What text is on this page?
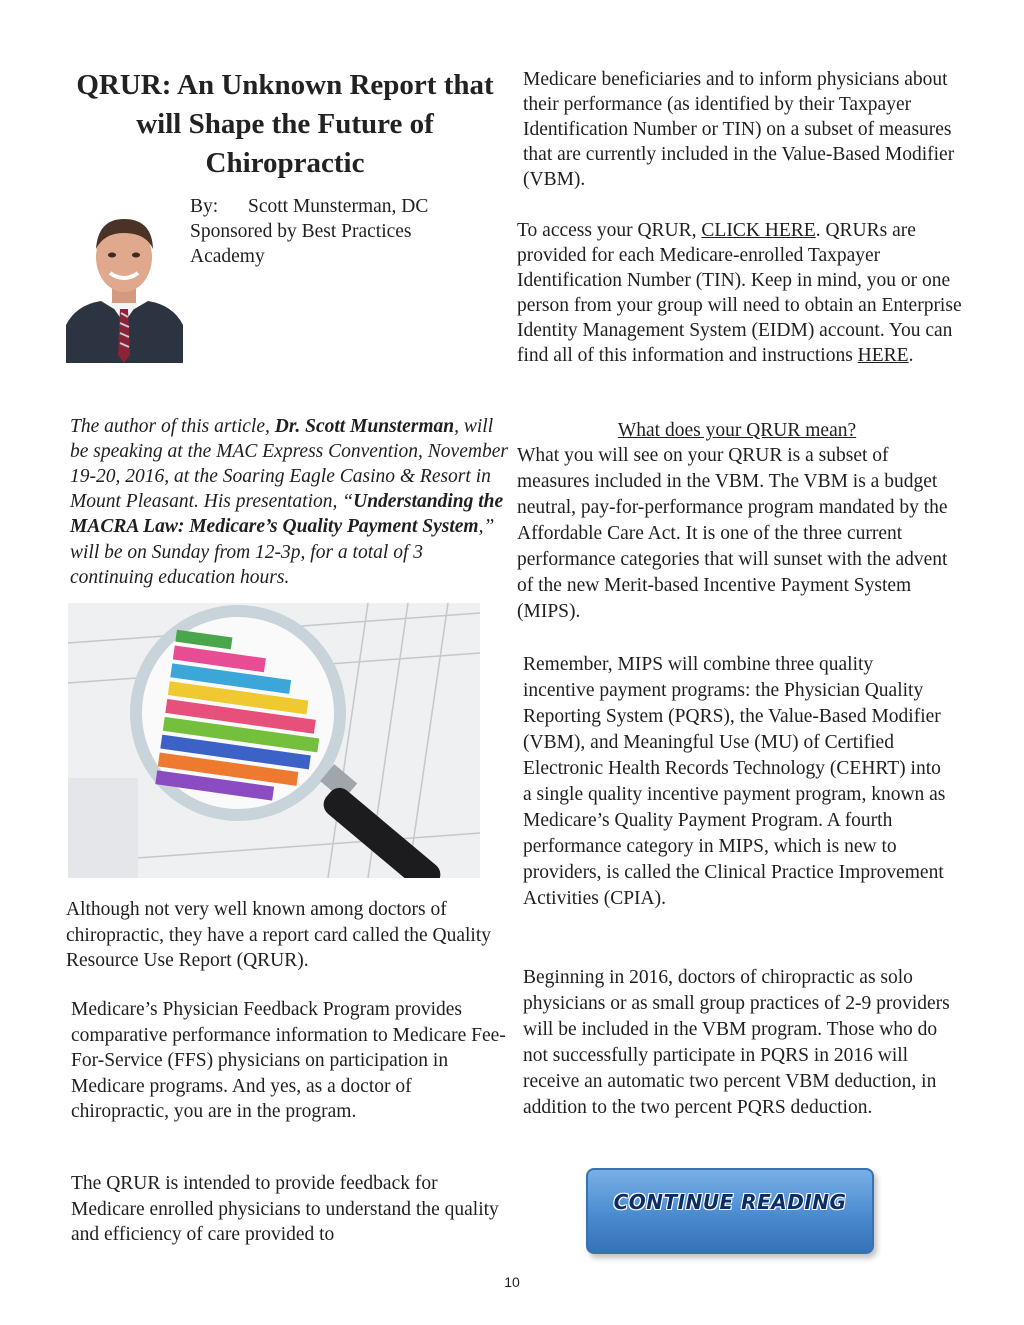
QRUR: An Unknown Report that will Shape the Future of Chiropractic
By: Scott Munsterman, DC
Sponsored by Best Practices Academy

The author of this article, Dr. Scott Munsterman, will be speaking at the MAC Express Convention, November 19-20, 2016, at the Soaring Eagle Casino & Resort in Mount Pleasant. His presentation, “Understanding the MACRA Law: Medicare’s Quality Payment System,” will be on Sunday from 12-3p, for a total of 3 continuing education hours.

Although not very well known among doctors of chiropractic, they have a report card called the Quality Resource Use Report (QRUR).

Medicare’s Physician Feedback Program provides comparative performance information to Medicare Fee-For-Service (FFS) physicians on participation in Medicare programs. And yes, as a doctor of chiropractic, you are in the program.

The QRUR is intended to provide feedback for Medicare enrolled physicians to understand the quality and efficiency of care provided to

Medicare beneficiaries and to inform physicians about their performance (as identified by their Taxpayer Identification Number or TIN) on a subset of measures that are currently included in the Value-Based Modifier (VBM).

To access your QRUR, CLICK HERE. QRURs are provided for each Medicare-enrolled Taxpayer Identification Number (TIN). Keep in mind, you or one person from your group will need to obtain an Enterprise Identity Management System (EIDM) account. You can find all of this information and instructions HERE.

What does your QRUR mean?

What you will see on your QRUR is a subset of measures included in the VBM. The VBM is a budget neutral, pay-for-performance program mandated by the Affordable Care Act. It is one of the three current performance categories that will sunset with the advent of the new Merit-based Incentive Payment System (MIPS).

Remember, MIPS will combine three quality incentive payment programs: the Physician Quality Reporting System (PQRS), the Value-Based Modifier (VBM), and Meaningful Use (MU) of Certified Electronic Health Records Technology (CEHRT) into a single quality incentive payment program, known as Medicare’s Quality Payment Program. A fourth performance category in MIPS, which is new to providers, is called the Clinical Practice Improvement Activities (CPIA).

Beginning in 2016, doctors of chiropractic as solo physicians or as small group practices of 2-9 providers will be included in the VBM program. Those who do not successfully participate in PQRS in 2016 will receive an automatic two percent VBM deduction, in addition to the two percent PQRS deduction.

CONTINUE READING
10
